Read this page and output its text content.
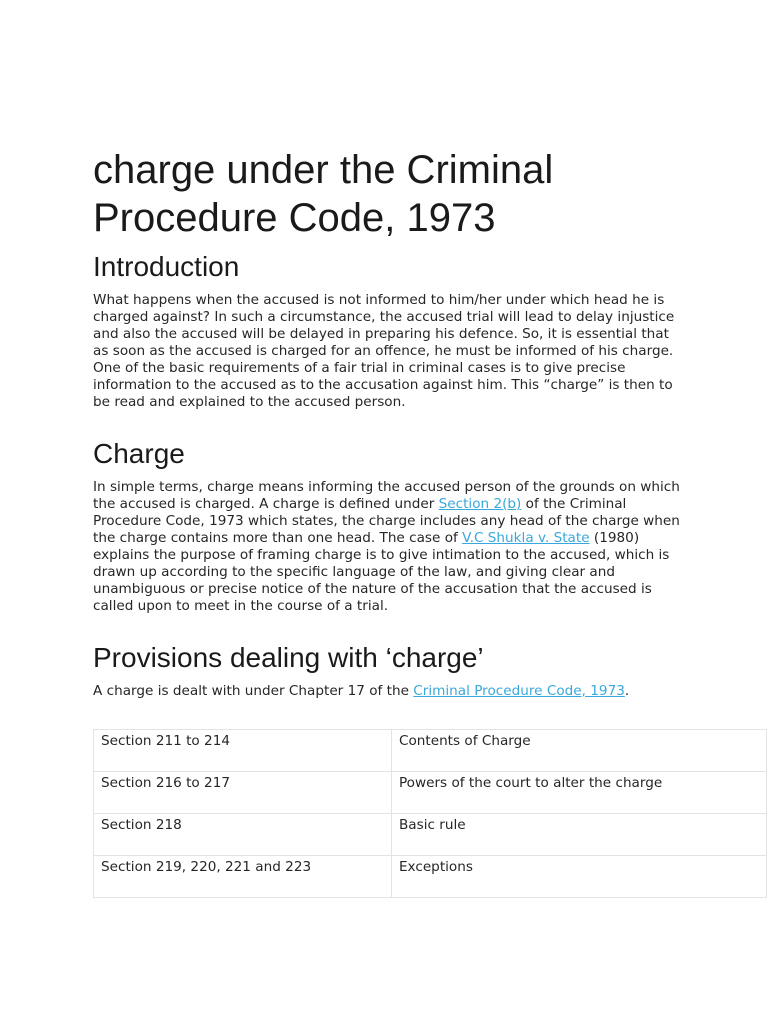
charge under the Criminal Procedure Code, 1973
Introduction

What happens when the accused is not informed to him/her under which head he is charged against? In such a circumstance, the accused trial will lead to delay injustice and also the accused will be delayed in preparing his defence. So, it is essential that as soon as the accused is charged for an offence, he must be informed of his charge. One of the basic requirements of a fair trial in criminal cases is to give precise information to the accused as to the accusation against him. This “charge” is then to be read and explained to the accused person.

Charge

In simple terms, charge means informing the accused person of the grounds on which the accused is charged. A charge is defined under Section 2(b) of the Criminal Procedure Code, 1973 which states, the charge includes any head of the charge when the charge contains more than one head. The case of V.C Shukla v. State (1980) explains the purpose of framing charge is to give intimation to the accused, which is drawn up according to the specific language of the law, and giving clear and unambiguous or precise notice of the nature of the accusation that the accused is called upon to meet in the course of a trial.

Provisions dealing with ‘charge’

A charge is dealt with under Chapter 17 of the Criminal Procedure Code, 1973.

Section 211 to 214	Contents of Charge
Section 216 to 217	Powers of the court to alter the charge
Section 218	Basic rule
Section 219, 220, 221 and 223	Exceptions
